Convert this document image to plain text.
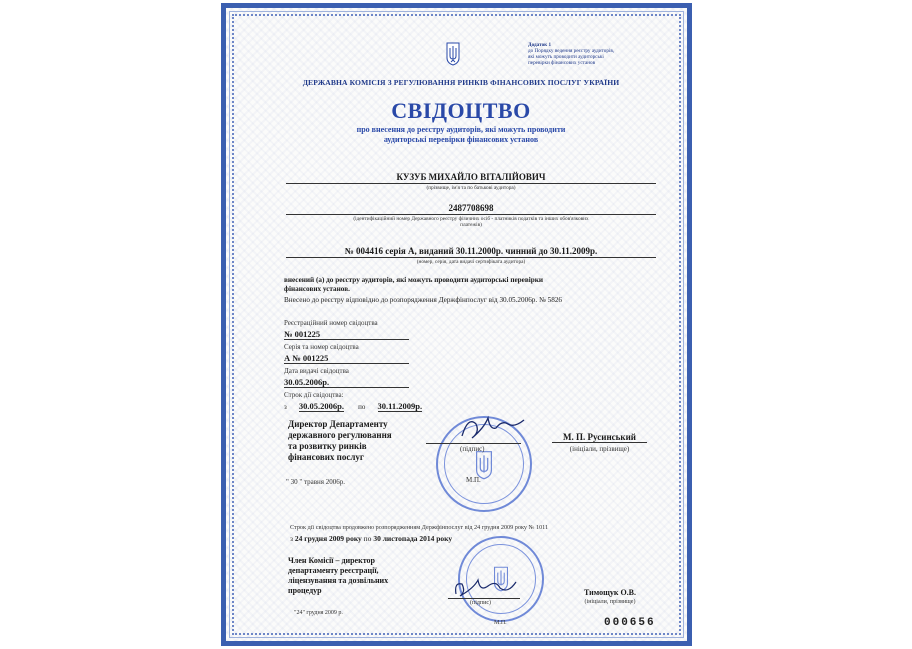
Додаток 1
до Порядку ведення реєстру аудиторів,
які можуть проводити аудиторські
перевірки фінансових установ
ДЕРЖАВНА КОМІСІЯ З РЕГУЛЮВАННЯ РИНКІВ ФІНАНСОВИХ ПОСЛУГ УКРАЇНИ
СВІДОЦТВО
про внесення до реєстру аудиторів, які можуть проводити
аудиторські перевірки фінансових установ
КУЗУБ МИХАЙЛО ВІТАЛІЙОВИЧ
(прізвище, ім'я та по батькові аудитора)
2487708698
(ідентифікаційний номер Державного реєстру фізичних осіб - платників податків та інших обов'язкових
платежів)
№ 004416 серія А, виданий 30.11.2000р. чинний до 30.11.2009р.
(номер, серія, дата видачі сертифіката аудитора)
внесений (а) до реєстру аудиторів, які можуть проводити аудиторські перевірки
фінансових установ.
Внесено до реєстру відповідно до розпорядження Держфінпослуг від 30.05.2006р. № 5826
Реєстраційний номер свідоцтва
№ 001225
Серія та номер свідоцтва
А № 001225
Дата видачі свідоцтва
30.05.2006р.
Строк дії свідоцтва:
з 30.05.2006р. по 30.11.2009р.
Директор Департаменту
державного регулювання
та розвитку ринків
фінансових послуг
(підпис)
М. П. Русинський
(ініціали, прізвище)
М.П.
" 30 " травня 2006р.
Строк дії свідоцтва продовжено розпорядженням Держфінпослуг від 24 грудня 2009 року № 1011
з 24 грудня 2009 року по 30 листопада 2014 року
Член Комісії – директор
департаменту реєстрації,
ліцензування та дозвільних
процедур
(підпис)
Тимощук О.В.
(ініціали, прізвище)
М.П.
"24" грудня 2009 р.
000656
